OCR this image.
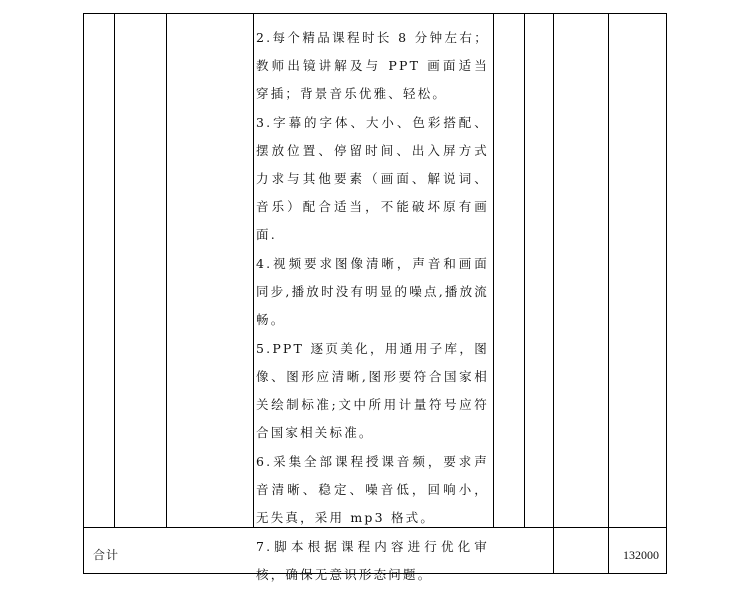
2.每个精品课程时长 8 分钟左右；教师出镜讲解及与 PPT 画面适当穿插；背景音乐优雅、轻松。

3.字幕的字体、大小、色彩搭配、摆放位置、停留时间、出入屏方式力求与其他要素（画面、解说词、音乐）配合适当，不能破坏原有画面.

4.视频要求图像清晰，声音和画面同步,播放时没有明显的噪点,播放流畅。

5.PPT 逐页美化，用通用子库，图像、图形应清晰,图形要符合国家相关绘制标准;文中所用计量符号应符合国家相关标准。

6.采集全部课程授课音频，要求声音清晰、稳定、噪音低，回响小，无失真，采用 mp3 格式。

7.脚本根据课程内容进行优化审核，确保无意识形态问题。

合计	132000
